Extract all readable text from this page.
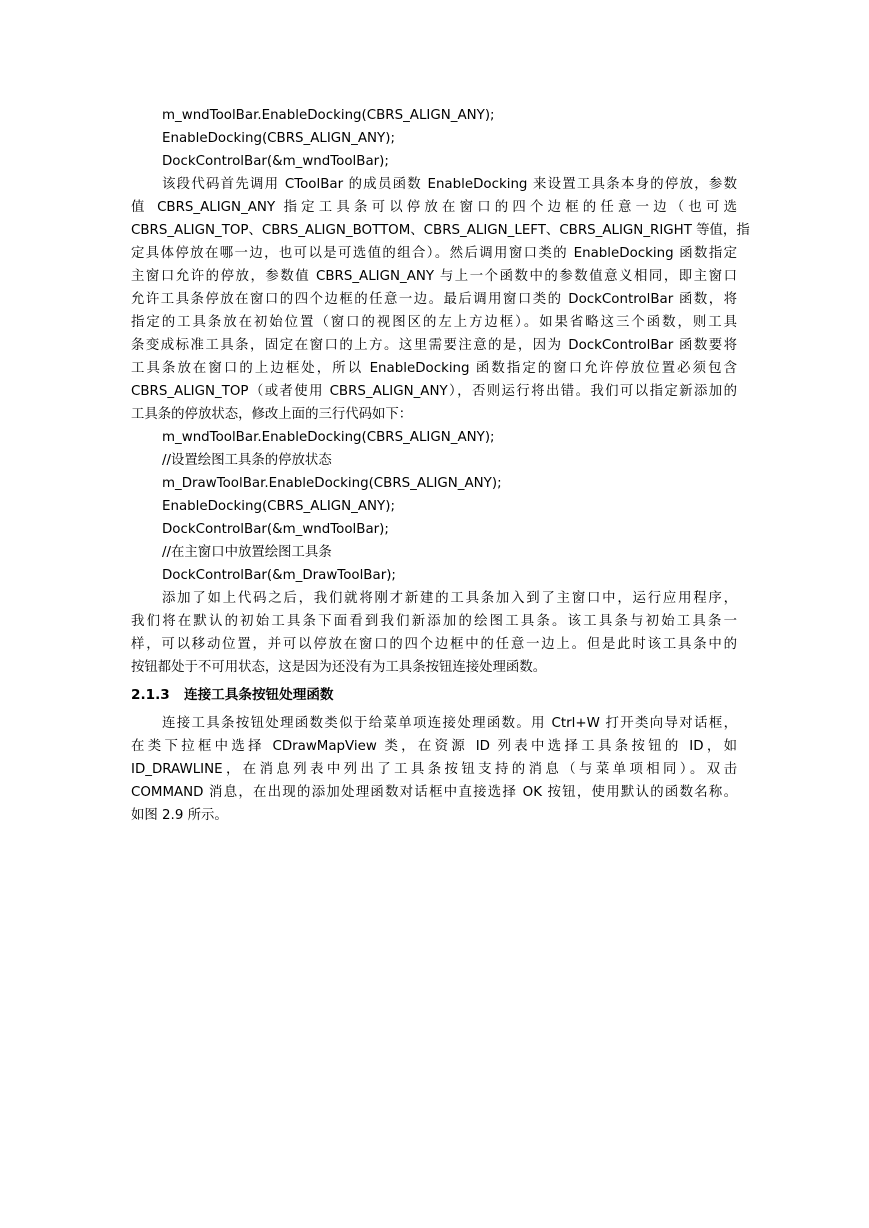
m_wndToolBar.EnableDocking(CBRS_ALIGN_ANY);
EnableDocking(CBRS_ALIGN_ANY);
DockControlBar(&m_wndToolBar);
该段代码首先调用 CToolBar 的成员函数 EnableDocking 来设置工具条本身的停放，参数
值 CBRS_ALIGN_ANY 指定工具条可以停放在窗口的四个边框的任意一边（也可选
CBRS_ALIGN_TOP、CBRS_ALIGN_BOTTOM、CBRS_ALIGN_LEFT、CBRS_ALIGN_RIGHT 等值，指
定具体停放在哪一边，也可以是可选值的组合）。然后调用窗口类的 EnableDocking 函数指定
主窗口允许的停放，参数值 CBRS_ALIGN_ANY 与上一个函数中的参数值意义相同，即主窗口
允许工具条停放在窗口的四个边框的任意一边。最后调用窗口类的 DockControlBar 函数，将
指定的工具条放在初始位置（窗口的视图区的左上方边框）。如果省略这三个函数，则工具
条变成标准工具条，固定在窗口的上方。这里需要注意的是，因为 DockControlBar 函数要将
工具条放在窗口的上边框处，所以 EnableDocking 函数指定的窗口允许停放位置必须包含
CBRS_ALIGN_TOP（或者使用 CBRS_ALIGN_ANY），否则运行将出错。我们可以指定新添加的
工具条的停放状态，修改上面的三行代码如下：
m_wndToolBar.EnableDocking(CBRS_ALIGN_ANY);
//设置绘图工具条的停放状态
m_DrawToolBar.EnableDocking(CBRS_ALIGN_ANY);
EnableDocking(CBRS_ALIGN_ANY);
DockControlBar(&m_wndToolBar);
//在主窗口中放置绘图工具条
DockControlBar(&m_DrawToolBar);
添加了如上代码之后，我们就将刚才新建的工具条加入到了主窗口中，运行应用程序，
我们将在默认的初始工具条下面看到我们新添加的绘图工具条。该工具条与初始工具条一
样，可以移动位置，并可以停放在窗口的四个边框中的任意一边上。但是此时该工具条中的
按钮都处于不可用状态，这是因为还没有为工具条按钮连接处理函数。
2.1.3 连接工具条按钮处理函数
连接工具条按钮处理函数类似于给菜单项连接处理函数。用 Ctrl+W 打开类向导对话框，
在类下拉框中选择 CDrawMapView 类，在资源 ID 列表中选择工具条按钮的 ID，如
ID_DRAWLINE，在消息列表中列出了工具条按钮支持的消息（与菜单项相同）。双击
COMMAND 消息，在出现的添加处理函数对话框中直接选择 OK 按钮，使用默认的函数名称。
如图 2.9 所示。
